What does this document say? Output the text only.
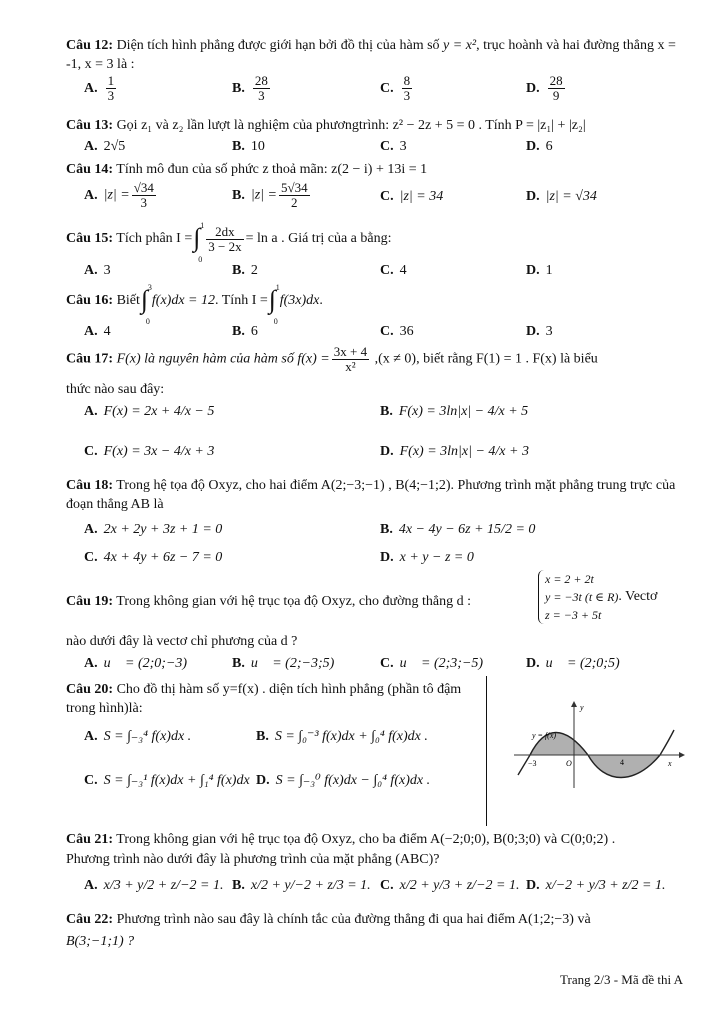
Câu 12: Diện tích hình phẳng được giới hạn bởi đồ thị của hàm số y = x², trục hoành và hai đường thẳng x = -1, x = 3 là :
A. $\frac{1}{3}$	B. $\frac{28}{3}$	C. $\frac{8}{3}$	D. $\frac{28}{9}$
Câu 13: Gọi z₁ và z₂ lần lượt là nghiệm của phươngtrình: z² − 2z + 5 = 0 . Tính P = |z₁| + |z₂|
A. 2√5	B. 10	C. 3	D. 6
Câu 14: Tính mô đun của số phức z thoả mãn: z(2 − i) + 13i = 1
A. $|z| = \frac{√34}{3}$	B. $|z| = \frac{5√34}{2}$	C. |z| = 34	D. |z| = √34
Câu 15: Tích phân I = ∫ 1
0
$\frac{2dx}{3 - 2x} = \ln a$ . Giá trị của a bằng:
A. 3	B. 2	C. 4	D. 1
Câu 16: Biết ∫ 3
0
f(x)dx = 12. Tính I = ∫ 1
0
f(3x)dx.
A. 4	B. 6	C. 36	D. 3
Câu 17: F(x) là nguyên hàm của hàm số $f(x) = \frac{3x + 4}{\text{x²}} ,(x \ne 0)$, biết rằng F(1) = 1 . F(x) là biểu
thức nào sau đây:
A. F(x) = 2x + 4/x − 5	B. F(x) = 3ln|x| − 4/x + 5
C. F(x) = 3x − 4/x + 3	D. F(x) = 3ln|x| − 4/x + 3
Câu 18: Trong hệ tọa độ Oxyz, cho hai điểm A(2;−3;−1) , B(4;−1;2). Phương trình mặt phẳng trung trực của đoạn thẳng AB là
A. 2x + 2y + 3z + 1 = 0	B. 4x − 4y − 6z + 15/2 = 0
C. 4x + 4y + 6z − 7 = 0	D. x + y − z = 0
Câu 19: Trong không gian với hệ trục tọa độ Oxyz, cho đường thẳng d :
x = 2 + 2t
y = −3t (t ∈ R)
z = −3 + 5t
. Vectơ
nào dưới đây là vectơ chỉ phương của d ?
A. u⃗ = (2;0;−3)	B. u⃗ = (2;−3;5)	C. u⃗ = (2;3;−5)	D. u⃗ = (2;0;5)
Câu 20: Cho đồ thị hàm số y=f(x) . diện tích hình phẳng (phần tô đậm trong hình)là:
A. S = ∫₋₃⁴ f(x)dx .	B. S = ∫₀⁻³ f(x)dx + ∫₀⁴ f(x)dx .
C. S = ∫₋₃¹ f(x)dx + ∫₁⁴ f(x)dx D. S = ∫₋₃⁰ f(x)dx − ∫₀⁴ f(x)dx .
y
y = f(x)
−3	O	4	x
Câu 21: Trong không gian với hệ trục tọa độ Oxyz, cho ba điểm A(−2;0;0), B(0;3;0) và C(0;0;2) .
Phương trình nào dưới đây là phương trình của mặt phẳng (ABC)?
A. x/3 + y/2 + z/−2 = 1. B. x/2 + y/−2 + z/3 = 1. C. x/2 + y/3 + z/−2 = 1. D. x/−2 + y/3 + z/2 = 1.
Câu 22: Phương trình nào sau đây là chính tắc của đường thẳng đi qua hai điểm A(1;2;−3) và
B(3;−1;1) ?
Trang 2/3 - Mã đề thi A
